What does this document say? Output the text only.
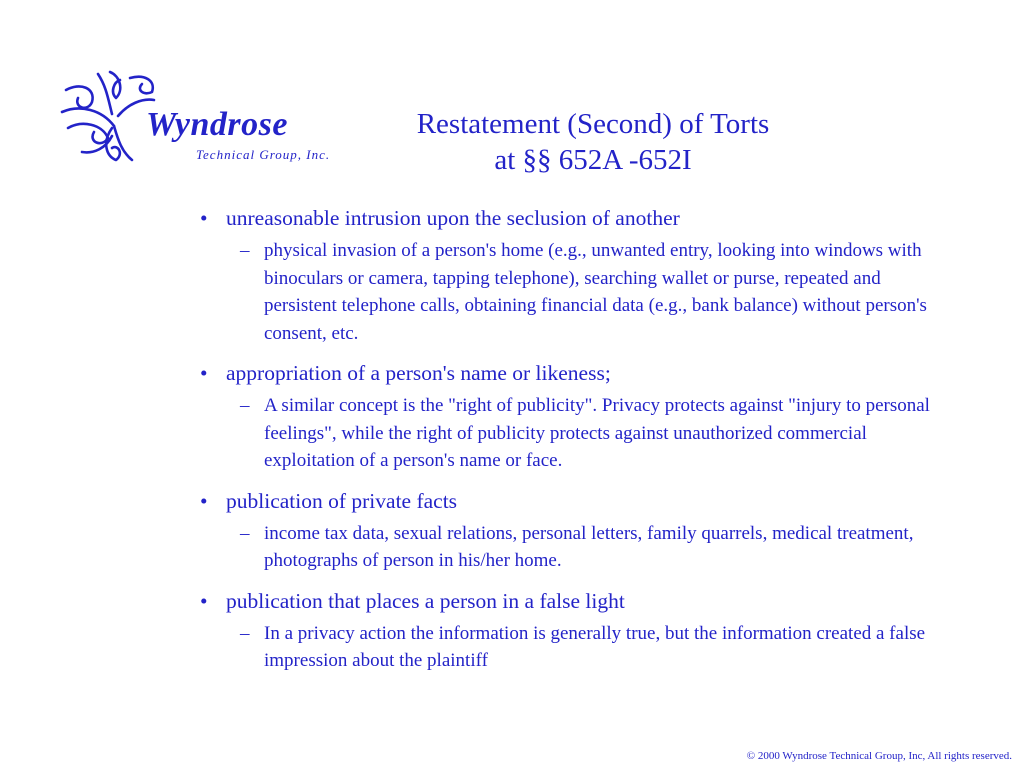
Wyndrose
Technical Group, Inc.
Restatement (Second) of Torts
at §§ 652A -652I
• unreasonable intrusion upon the seclusion of another
– physical invasion of a person's home (e.g., unwanted entry, looking into windows with binoculars or camera, tapping telephone), searching wallet or purse, repeated and persistent telephone calls, obtaining financial data (e.g., bank balance) without person's consent, etc.
• appropriation of a person's name or likeness;
– A similar concept is the "right of publicity". Privacy protects against "injury to personal feelings", while the right of publicity protects against unauthorized commercial exploitation of a person's name or face.
• publication of private facts
– income tax data, sexual relations, personal letters, family quarrels, medical treatment, photographs of person in his/her home.
• publication that places a person in a false light
– In a privacy action the information is generally true, but the information created a false impression about the plaintiff
© 2000 Wyndrose Technical Group, Inc, All rights reserved.
